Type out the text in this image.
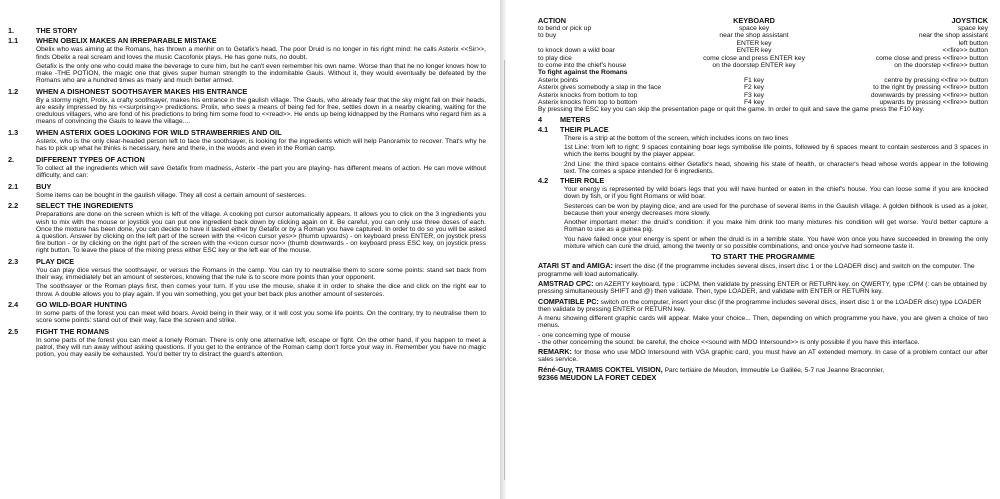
1.	THE STORY
1.1	WHEN OBELIX MAKES AN IRREPARABLE MISTAKE

Obelix who was aiming at the Romans, has thrown a menhir on to Getafix's head. The poor Druid is no longer in his right mind: he calls Asterix <<Sir>>, finds Obelix a real scream and loves the music Cacofonix plays. He has gone nuts, no doubt.

Getafix is the only one who could make the beverage to cure him, but he can't even remember his own name. Worse than that he no longer knows how to make -THE POTION, the magic one that gives super human strength to the indomitable Gauls. Without it, they would eventually be defeated by the Romans who are a hundred times as many and much better armed.

1.2	WHEN A DISHONEST SOOTHSAYER MAKES HIS ENTRANCE

By a stormy night, Prolix, a crafty soothsayer, makes his entrance in the gaulish village. The Gauls, who already fear that the sky might fall on their heads, are easily impressed by his <<surprising>> predictions. Prolix, who sees a means of being fed for free, settles down in a nearby clearing, waiting for the credulous villagers, who are fond of his predictions to bring him some food to <<read>>. He ends up being kidnapped by the Romans who regard him as a means of convincing the Gauls to leave the village....

1.3	WHEN ASTERIX GOES LOOKING FOR WILD STRAWBERRIES AND OIL

Asterix, who is the only clear-headed person left to face the soothsayer, is looking for the ingredients which will help Panoramix to recover. That's why he has to pick up what he thinks is necessary, here and there, in the woods and even in the Roman camp.

2.	DIFFERENT TYPES OF ACTION

To collect all the ingredients which will save Getafix from madness, Asterix -the part you are playing- has different means of action. He can move without difficulty, and can:

2.1	BUY

Some items can be bought in the gaulish village. They all cost a certain amount of sesterces.

2.2	SELECT THE INGREDIENTS

Preparations are done on the screen which is left of the village. A cooking pot cursor automatically appears. It allows you to click on the 3 ingredients you wish to mix with the mouse or joystick you can put one ingredient back down by clicking again on it. Be careful, you can only use three doses of each. Once the mixture has been done, you can decide to have it tasted either by Getafix or by a Roman you have captured. In order to do so you will be asked a question. Answer by clicking on the left part of the screen with the <<icon cursor yes>> (thumb upwards) - on keyboard press ENTER, on joystick press fire button - or by clicking on the right part of the screen with the <<icon cursor no>> (thumb downwards - on keyboard press ESC key, on joystick press right button. To leave the place of the mixing press either ESC key or the left ear of the mouse.

2.3	PLAY DICE

You can play dice versus the soothsayer, or versus the Romans in the camp. You can try to neutralise them to score some points: stand set back from their way, immediately bet an amount of sesterces, knowing that the rule is to score more points than your opponent.

The soothsayer or the Roman plays first, then comes your turn. If you use the mouse, shake it in order to shake the dice and click on the right ear to throw. A double allows you to play again. If you win something, you get your bet back plus another amount of sesterces.

2.4	GO WILD-BOAR HUNTING

In some parts of the forest you can meet wild boars. Avoid being in their way, or it will cost you some life points. On the contrary, try to neutralise them to score some points: stand out of their way, face the screen and strike.

2.5	FIGHT THE ROMANS

In some parts of the forest you can meet a lonely Roman. There is only one alternative left, escape or fight. On the other hand, if you happen to meet a patrol, they will run away without asking questions. If you get to the entrance of the Roman camp don't force your way in. Remember you have no magic potion, you may easily be exhausted. You'd better try to distract the guard's attention.

ACTION	KEYBOARD	JOYSTICK
to bend or pick up	space key	space key
to buy	near the shop assistant	near the shop assistant
	ENTER key	left button
to knock down a wild boar	ENTER key	<<fire>> button
to play dice	come close and press ENTER key	come close and press <<fire>> button
to come into the chief's house	on the doorstep ENTER key	on the doorstep <<fire>> button
To fight against the Romans		
Asterix points	F1 key	centre by pressing <<fire >> button
Asterix gives somebody a slap in the face	F2 key	to the right by pressing <<fire>> button
Asterix knocks from bottom to top	F3 key	downwards by pressing <<fire>> button
Asterix knocks from top to bottom	F4 key	upwards by pressing <<fire>> button

By pressing the ESC key you can skip the presentation page or quit the game. In order to quit and save the game press the F10 key.

4	METERS
4.1	THEIR PLACE

There is a strip at the bottom of the screen, which includes icons on two lines

1st Line: from left to right: 9 spaces containing boar legs symbolise life points, followed by 6 spaces meant to contain sesterces and 3 spaces in which the items bought by the player appear.

2nd Line: the third space contains either Getafix's head, showing his state of health, or character's head whose words appear in the following text. The comes a space intended for 6 ingredients.

4.2	THEIR ROLE

Your energy is represented by wild boars legs that you will have hunted or eaten in the chief's house. You can loose some if you are knocked down by fish, or if you fight Romans or wild boar.

Sesterces can be won by playing dice, and are used for the purchase of several items in the Gaulish village. A golden billhook is used as a joker, because then your energy decreases more slowly.

Another important meter: the druid's condition: if you make him drink too many mixtures his condition will get worse. You'd better capture a Roman to use as a guinea pig.

You have failed once your energy is spent or when the druid is in a terrible state. You have won once you have succeeded in brewing the only mixture which can cure the druid, among the twenty or so possible combinations, and once you've had someone taste it.

TO START THE PROGRAMME

ATARI ST and AMIGA: insert the disc (if the programme includes several discs, insert disc 1 or the LOADER disc) and switch on the computer. The programme will load automatically.

AMSTRAD CPC: on AZERTY keyboard, type : üCPM, then validate by pressing ENTER or RETURN key. on QWERTY, type :CPM (: can be obtained by pressing simultaneously SHIFT and @) then validate. Then, type LOADER, and validate with ENTER or RETURN key.

COMPATIBLE PC: switch on the computer, insert your disc (if the programme includes several discs, insert disc 1 or the LOADER disc) type LOADER then validate by pressing ENTER or RETURN key.

A menu showing different graphic cards will appear. Make your choice... Then, depending on which programme you have, you are given a choice of two menus.

- one concerning type of mouse

- the other concerning the sound: be careful, the choice <<sound with MDO Intersound>> is only possible if you have this interface.

REMARK: for those who use MDO Intersound with VGA graphic card, you must have an AT extended memory. In case of a problem contact our after sales service.

Réné-Guy, TRAMIS COKTEL VISION, Parc tertiaire de Meudon, Immeuble Le Galilée, 5-7 rue Jeanne Braconnier,
92366 MEUDON LA FORET CEDEX
